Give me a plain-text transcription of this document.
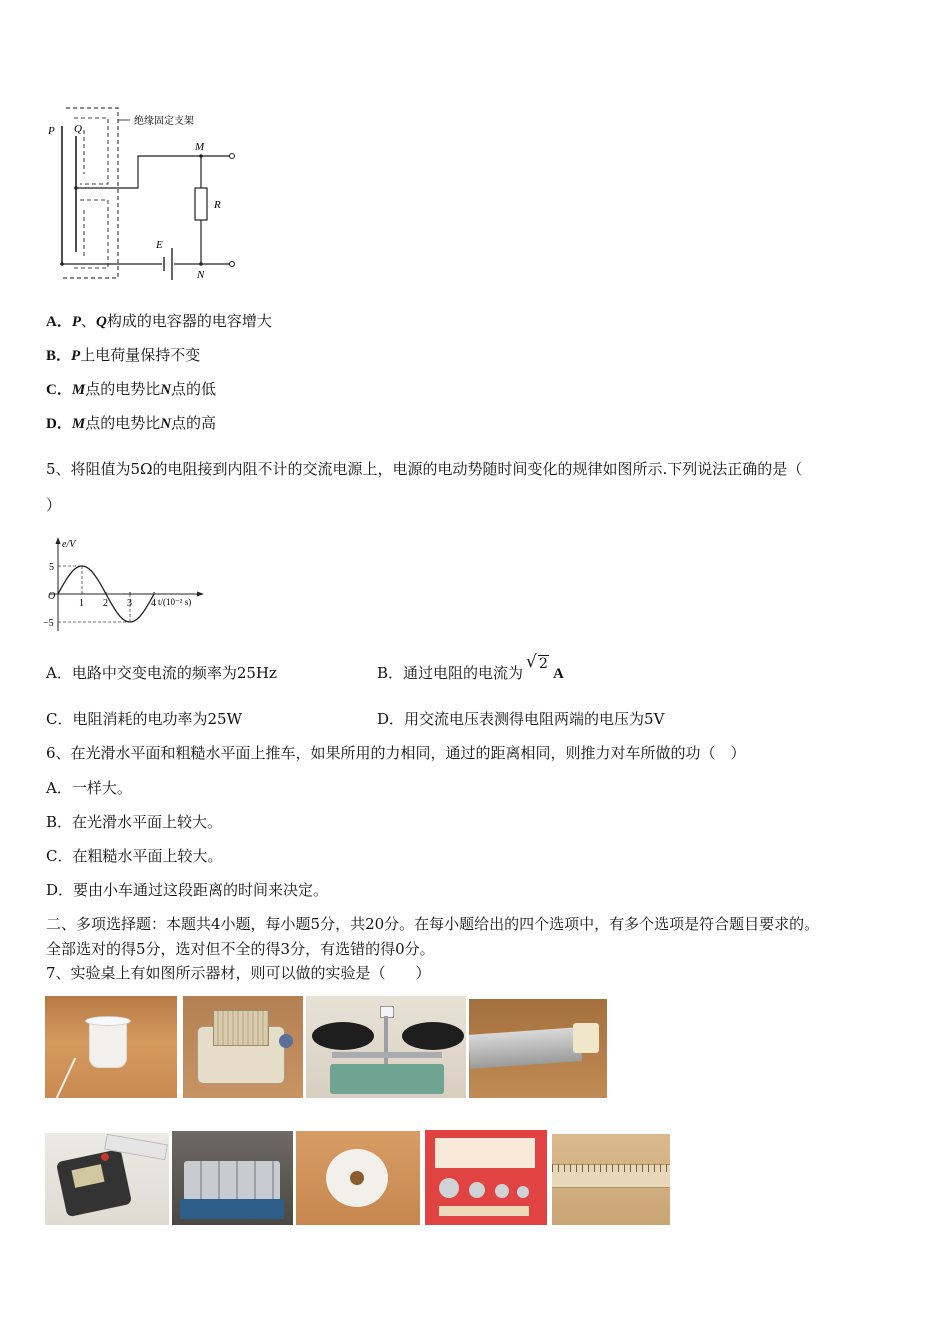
P Q
绝缘固定支架
M
R
E
N
A．P、Q构成的电容器的电容增大
B．P上电荷量保持不变
C．M点的电势比N点的低
D．M点的电势比N点的高
5、将阻值为5Ω的电阻接到内阻不计的交流电源上，电源的电动势随时间变化的规律如图所示.下列说法正确的是（
）
e/V
O	t/(10⁻² s)
1 2 3 4
5
−5
A．电路中交变电流的频率为25Hz	B．通过电阻的电流为
√ 2A
C．电阻消耗的电功率为25W	D．用交流电压表测得电阻两端的电压为5V
6、在光滑水平面和粗糙水平面上推车，如果所用的力相同，通过的距离相同，则推力对车所做的功（　）
A．一样大。
B．在光滑水平面上较大。
C．在粗糙水平面上较大。
D．要由小车通过这段距离的时间来决定。
二、多项选择题：本题共4小题，每小题5分，共20分。在每小题给出的四个选项中，有多个选项是符合题目要求的。
全部选对的得5分，选对但不全的得3分，有选错的得0分。
7、实验桌上有如图所示器材，则可以做的实验是（　　）
